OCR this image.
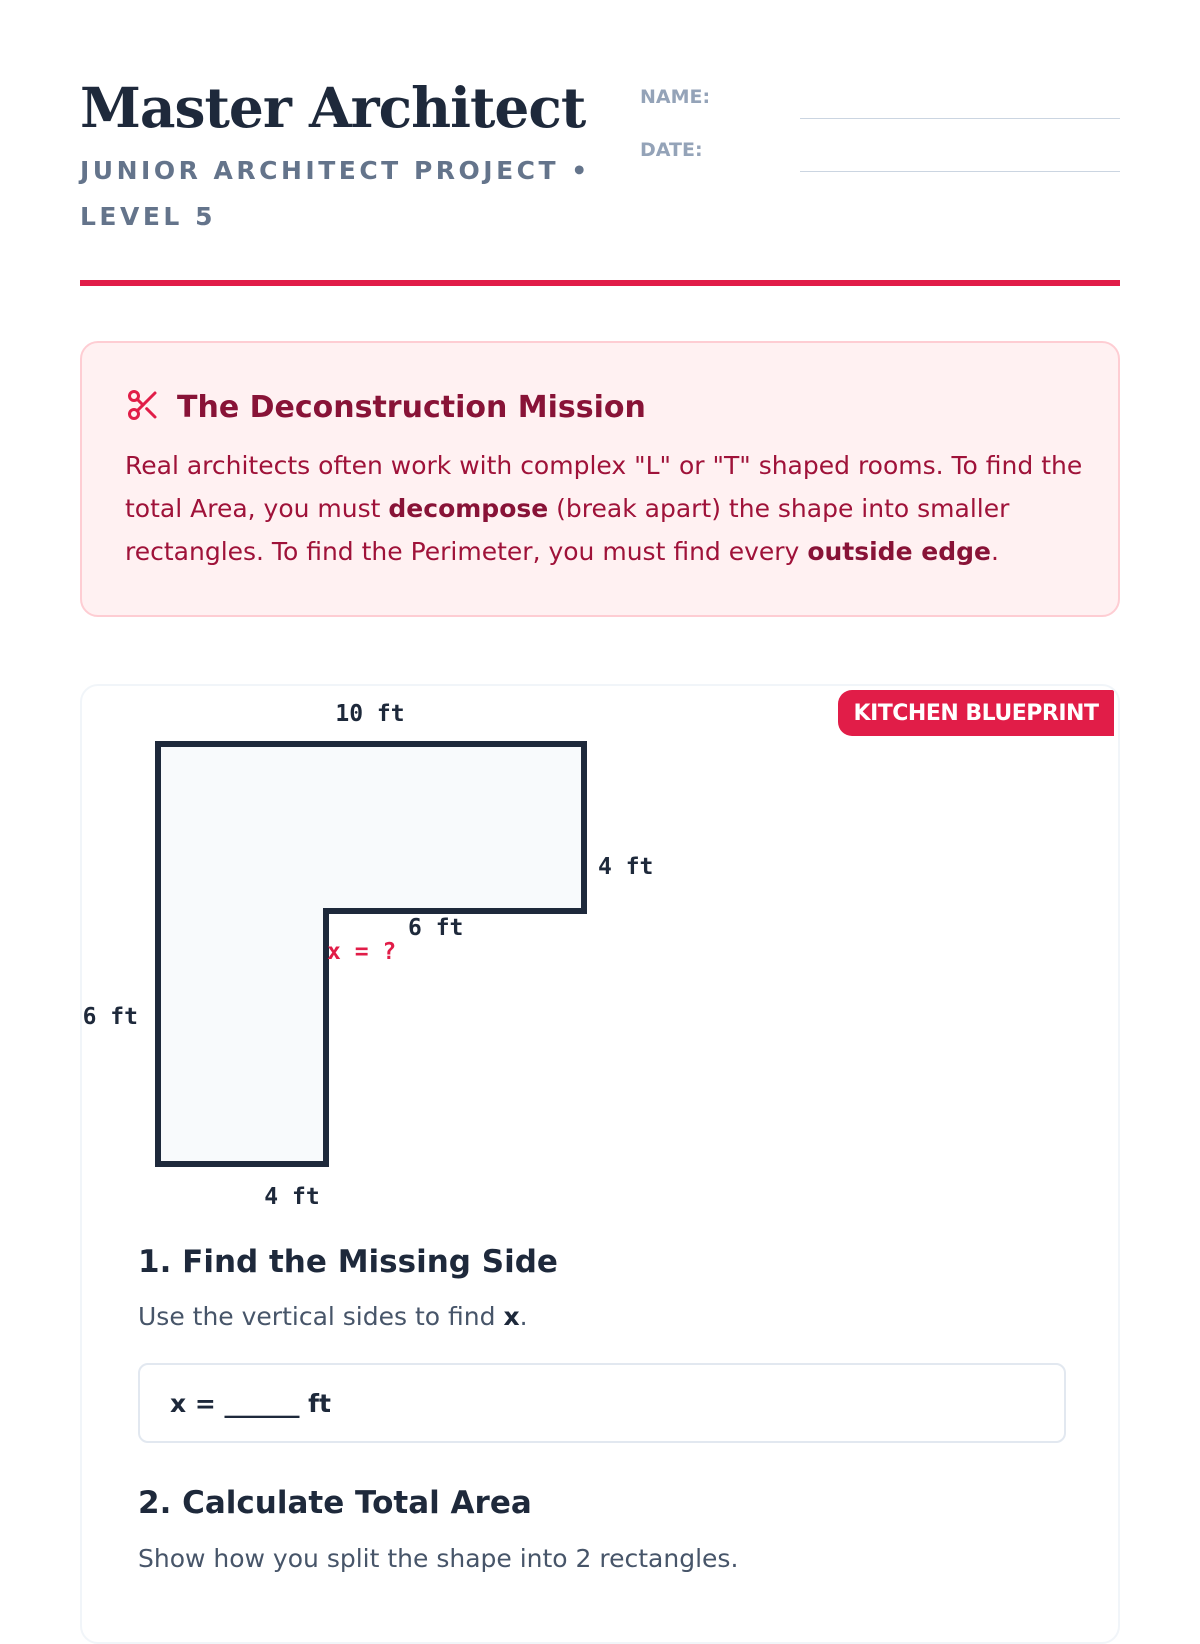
Master Architect
JUNIOR ARCHITECT PROJECT • LEVEL 5
NAME:
DATE:
The Deconstruction Mission
Real architects often work with complex "L" or "T" shaped rooms. To find the total Area, you must decompose (break apart) the shape into smaller rectangles. To find the Perimeter, you must find every outside edge.
KITCHEN BLUEPRINT
10 ft
4 ft
6 ft
x = ?
6 ft
4 ft
1. Find the Missing Side
Use the vertical sides to find x.
x = ______ ft
2. Calculate Total Area
Show how you split the shape into 2 rectangles.
